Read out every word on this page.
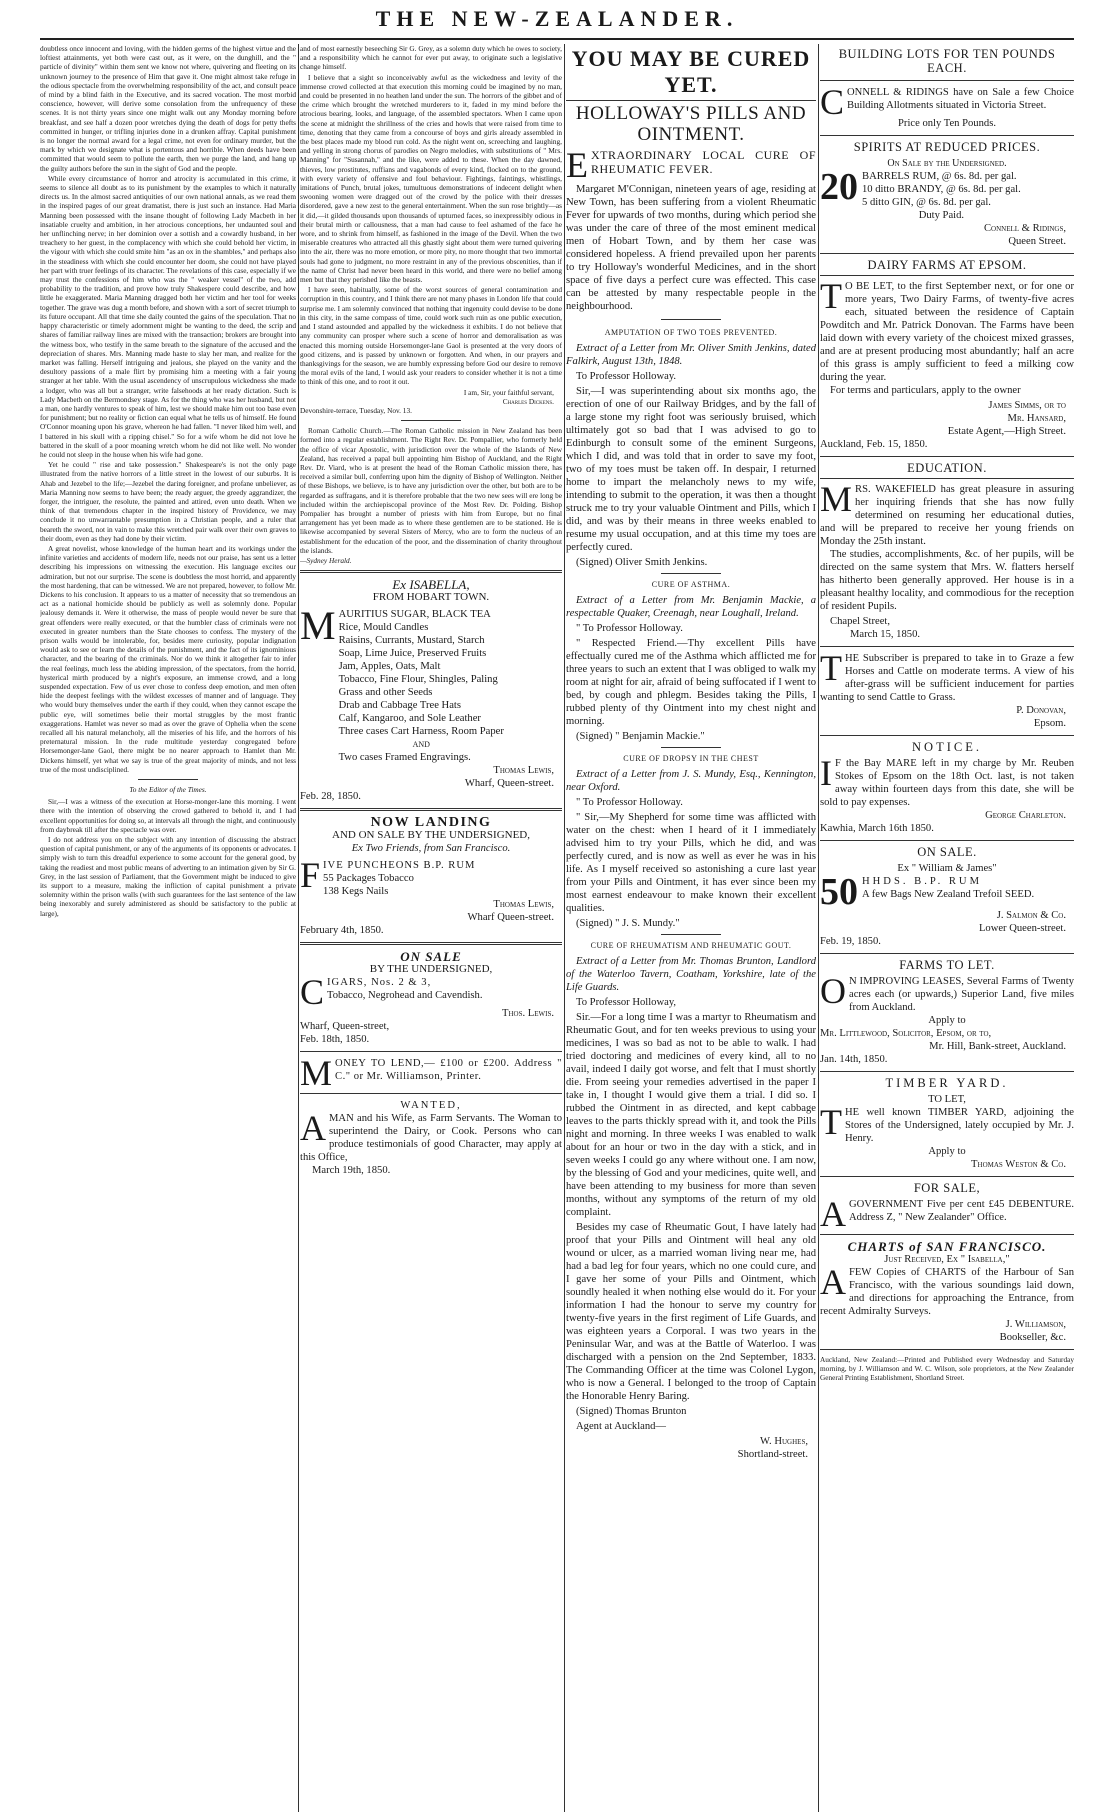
THE NEW-ZEALANDER.

doubtless once innocent and loving, with the hidden germs of the highest virtue and the loftiest attainments, yet both were cast out, as it were, on the dunghill, and the " particle of divinity" within them sent we know not where, quivering and fleeting on its unknown journey to the presence of Him that gave it. One might almost take refuge in the odious spectacle from the overwhelming responsibility of the act, and consult peace of mind by a blind faith in the Executive, and its sacred vocation. The most morbid conscience, however, will derive some consolation from the unfrequency of these scenes. It is not thirty years since one might walk out any Monday morning before breakfast, and see half a dozen poor wretches dying the death of dogs for petty thefts committed in hunger, or trifling injuries done in a drunken affray. Capital punishment is no longer the normal award for a legal crime, not even for ordinary murder, but the mark by which we designate what is portentous and horrible. When deeds have been committed that would seem to pollute the earth, then we purge the land, and hang up the guilty authors before the sun in the sight of God and the people.

While every circumstance of horror and atrocity is accumulated in this crime, it seems to silence all doubt as to its punishment by the examples to which it naturally directs us. In the almost sacred antiquities of our own national annals, as we read them in the inspired pages of our great dramatist, there is just such an instance. Had Maria Manning been possessed with the insane thought of following Lady Macbeth in her insatiable cruelty and ambition, in her atrocious conceptions, her undaunted soul and her unflinching nerve; in her dominion over a sottish and a cowardly husband, in her treachery to her guest, in the complacency with which she could behold her victim, in the vigour with which she could smite him "as an ox in the shambles," and perhaps also in the steadiness with which she could encounter her doom, she could not have played her part with truer feelings of its character. The revelations of this case, especially if we may trust the confessions of him who was the " weaker vessel" of the two, add probability to the tradition, and prove how truly Shakespere could describe, and how little he exaggerated. Maria Manning dragged both her victim and her tool for weeks together. The grave was dug a month before, and shown with a sort of secret triumph to its future occupant. All that time she daily counted the gains of the speculation. That no happy characteristic or timely adornment might be wanting to the deed, the scrip and shares of familiar railway lines are mixed with the transaction; brokers are brought into the witness box, who testify in the same breath to the signature of the accused and the depreciation of shares. Mrs. Manning made haste to slay her man, and realize for the market was falling. Herself intriguing and jealous, she played on the vanity and the desultory passions of a male flirt by promising him a meeting with a fair young stranger at her table. With the usual ascendency of unscrupulous wickedness she made a lodger, who was all but a stranger, write falsehoods at her ready dictation. Such is Lady Macbeth on the Bermondsey stage. As for the thing who was her husband, but not a man, one hardly ventures to speak of him, lest we should make him out too base even for punishment; but no reality or fiction can equal what he tells us of himself. He found O'Connor moaning upon his grave, whereon he had fallen. "I never liked him well, and I battered in his skull with a ripping chisel." So for a wife whom he did not love he battered in the skull of a poor moaning wretch whom he did not like well. No wonder he could not sleep in the house when his wife had gone.

Yet he could " rise and take possession." Shakespeare's is not the only page illustrated from the native horrors of a little street in the lowest of our suburbs. It is Ahab and Jezebel to the life;—Jezebel the daring foreigner, and profane unbeliever, as Maria Manning now seems to have been; the ready arguer, the greedy aggrandizer, the forger, the intriguer, the resolute, the painted and attired, even unto death. When we think of that tremendous chapter in the inspired history of Providence, we may conclude it no unwarrantable presumption in a Christian people, and a ruler that beareth the sword, not in vain to make this wretched pair walk over their own graves to their doom, even as they had done by their victim.

A great novelist, whose knowledge of the human heart and its workings under the infinite varieties and accidents of modern life, needs not our praise, has sent us a letter describing his impressions on witnessing the execution. His language excites our admiration, but not our surprise. The scene is doubtless the most horrid, and apparently the most hardening, that can be witnessed. We are not prepared, however, to follow Mr. Dickens to his conclusion. It appears to us a matter of necessity that so tremendous an act as a national homicide should be publicly as well as solemnly done. Popular jealousy demands it. Were it otherwise, the mass of people would never be sure that great offenders were really executed, or that the humbler class of criminals were not executed in greater numbers than the State chooses to confess. The mystery of the prison walls would be intolerable, for, besides mere curiosity, popular indignation would ask to see or learn the details of the punishment, and the fact of its ignominious character, and the bearing of the criminals. Nor do we think it altogether fair to infer the real feelings, much less the abiding impression, of the spectators, from the horrid, hysterical mirth produced by a night's exposure, an immense crowd, and a long suspended expectation. Few of us ever chose to confess deep emotion, and men often hide the deepest feelings with the wildest excesses of manner and of language. They who would bury themselves under the earth if they could, when they cannot escape the public eye, will sometimes belie their mortal struggles by the most frantic exaggerations. Hamlet was never so mad as over the grave of Ophelia when the scene recalled all his natural melancholy, all the miseries of his life, and the horrors of his preternatural mission. In the rude multitude yesterday congregated before Horsemonger-lane Gaol, there might be no nearer approach to Hamlet than Mr. Dickens himself, yet what we say is true of the great majority of minds, and not less true of the most undisciplined.

To the Editor of the Times.

Sir,—I was a witness of the execution at Horse-monger-lane this morning. I went there with the intention of observing the crowd gathered to behold it, and I had excellent opportunities for doing so, at intervals all through the night, and continuously from daybreak till after the spectacle was over.

I do not address you on the subject with any intention of discussing the abstract question of capital punishment, or any of the arguments of its opponents or advocates. I simply wish to turn this dreadful experience to some account for the general good, by taking the readiest and most public means of adverting to an intimation given by Sir G. Grey, in the last session of Parliament, that the Government might be induced to give its support to a measure, making the infliction of capital punishment a private solemnity within the prison walls (with such guarantees for the last sentence of the law being inexorably and surely administered as should be satisfactory to the public at large),

and of most earnestly beseeching Sir G. Grey, as a solemn duty which he owes to society, and a responsibility which he cannot for ever put away, to originate such a legislative change himself.

I believe that a sight so inconceivably awful as the wickedness and levity of the immense crowd collected at that execution this morning could be imagined by no man, and could be presented in no heathen land under the sun. The horrors of the gibbet and of the crime which brought the wretched murderers to it, faded in my mind before the atrocious bearing, looks, and language, of the assembled spectators. When I came upon the scene at midnight the shrillness of the cries and howls that were raised from time to time, denoting that they came from a concourse of boys and girls already assembled in the best places made my blood run cold. As the night went on, screeching and laughing, and yelling in strong chorus of parodies on Negro melodies, with substitutions of " Mrs. Manning" for "Susannah," and the like, were added to these. When the day dawned, thieves, low prostitutes, ruffians and vagabonds of every kind, flocked on to the ground, with every variety of offensive and foul behaviour. Fightings, faintings, whistlings, imitations of Punch, brutal jokes, tumultuous demonstrations of indecent delight when swooning women were dragged out of the crowd by the police with their dresses disordered, gave a new zest to the general entertainment. When the sun rose brightly—as it did,—it gilded thousands upon thousands of upturned faces, so inexpressibly odious in their brutal mirth or callousness, that a man had cause to feel ashamed of the face he wore, and to shrink from himself, as fashioned in the image of the Devil. When the two miserable creatures who attracted all this ghastly sight about them were turned quivering into the air, there was no more emotion, or more pity, no more thought that two immortal souls had gone to judgment, no more restraint in any of the previous obscenities, than if the name of Christ had never been heard in this world, and there were no belief among men but that they perished like the beasts.

I have seen, habitually, some of the worst sources of general contamination and corruption in this country, and I think there are not many phases in London life that could surprise me. I am solemnly convinced that nothing that ingenuity could devise to be done in this city, in the same compass of time, could work such ruin as one public execution, and I stand astounded and appalled by the wickedness it exhibits. I do not believe that any community can prosper where such a scene of horror and demoralisation as was enacted this morning outside Horsemonger-lane Gaol is presented at the very doors of good citizens, and is passed by unknown or forgotten. And when, in our prayers and thanksgivings for the season, we are humbly expressing before God our desire to remove the moral evils of the land, I would ask your readers to consider whether it is not a time to think of this one, and to root it out.

I am, Sir, your faithful servant,
Charles Dickens.
Devonshire-terrace, Tuesday, Nov. 13.

Roman Catholic Church.—The Roman Catholic mission in New Zealand has been formed into a regular establishment. The Right Rev. Dr. Pompallier, who formerly held the office of vicar Apostolic, with jurisdiction over the whole of the Islands of New Zealand, has received a papal bull appointing him Bishop of Auckland, and the Right Rev. Dr. Viard, who is at present the head of the Roman Catholic mission there, has received a similar bull, conferring upon him the dignity of Bishop of Wellington. Neither of these Bishops, we believe, is to have any jurisdiction over the other, but both are to be regarded as suffragans, and it is therefore probable that the two new sees will ere long be included within the archiepiscopal province of the Most Rev. Dr. Polding. Bishop Pompalier has brought a number of priests with him from Europe, but no final arrangement has yet been made as to where these gentlemen are to be stationed. He is likewise accompanied by several Sisters of Mercy, who are to form the nucleus of an establishment for the education of the poor, and the dissemination of charity throughout the islands.

—Sydney Herald.
Ex ISABELLA,
FROM HOBART TOWN.
M AURITIUS SUGAR, BLACK TEA
Rice, Mould Candles
Raisins, Currants, Mustard, Starch
Soap, Lime Juice, Preserved Fruits
Jam, Apples, Oats, Malt
Tobacco, Fine Flour, Shingles, Paling
Grass and other Seeds
Drab and Cabbage Tree Hats
Calf, Kangaroo, and Sole Leather
Three cases Cart Harness, Room Paper
AND
Two cases Framed Engravings.
Thomas Lewis,
Wharf, Queen-street.
Feb. 28, 1850.
NOW LANDING
AND ON SALE BY THE UNDERSIGNED,
Ex Two Friends, from San Francisco.
F IVE PUNCHEONS B.P. RUM
55 Packages Tobacco
138 Kegs Nails
Thomas Lewis,
Wharf Queen-street.
February 4th, 1850.
ON SALE
BY THE UNDERSIGNED,
C IGARS, Nos. 2 & 3,
Tobacco, Negrohead and Cavendish.
Thos. Lewis.
Wharf, Queen-street,
Feb. 18th, 1850.
M ONEY TO LEND,— £100 or £200. Address " C." or Mr. Williamson, Printer.
WANTED,
A MAN and his Wife, as Farm Servants. The Woman to superintend the Dairy, or Cook. Persons who can produce testimonials of good Character, may apply at this Office,
March 19th, 1850.
YOU MAY BE CURED YET.
HOLLOWAY'S PILLS AND OINTMENT.
E XTRAORDINARY LOCAL CURE OF RHEUMATIC FEVER.

Margaret M'Connigan, nineteen years of age, residing at New Town, has been suffering from a violent Rheumatic Fever for upwards of two months, during which period she was under the care of three of the most eminent medical men of Hobart Town, and by them her case was considered hopeless. A friend prevailed upon her parents to try Holloway's wonderful Medicines, and in the short space of five days a perfect cure was effected. This case can be attested by many respectable people in the neighbourhood.

AMPUTATION OF TWO TOES PREVENTED.

Extract of a Letter from Mr. Oliver Smith Jenkins, dated Falkirk, August 13th, 1848.

To Professor Holloway.

Sir,—I was superintending about six months ago, the erection of one of our Railway Bridges, and by the fall of a large stone my right foot was seriously bruised, which ultimately got so bad that I was advised to go to Edinburgh to consult some of the eminent Surgeons, which I did, and was told that in order to save my foot, two of my toes must be taken off. In despair, I returned home to impart the melancholy news to my wife, intending to submit to the operation, it was then a thought struck me to try your valuable Ointment and Pills, which I did, and was by their means in three weeks enabled to resume my usual occupation, and at this time my toes are perfectly cured.

(Signed) Oliver Smith Jenkins.

CURE OF ASTHMA.

Extract of a Letter from Mr. Benjamin Mackie, a respectable Quaker, Creenagh, near Loughall, Ireland.

" To Professor Holloway.

" Respected Friend.—Thy excellent Pills have effectually cured me of the Asthma which afflicted me for three years to such an extent that I was obliged to walk my room at night for air, afraid of being suffocated if I went to bed, by cough and phlegm. Besides taking the Pills, I rubbed plenty of thy Ointment into my chest night and morning.

(Signed) " Benjamin Mackie."

CURE OF DROPSY IN THE CHEST

Extract of a Letter from J. S. Mundy, Esq., Kennington, near Oxford.

" To Professor Holloway.

" Sir,—My Shepherd for some time was afflicted with water on the chest: when I heard of it I immediately advised him to try your Pills, which he did, and was perfectly cured, and is now as well as ever he was in his life. As I myself received so astonishing a cure last year from your Pills and Ointment, it has ever since been my most earnest endeavour to make known their excellent qualities.

(Signed) " J. S. Mundy."

CURE OF RHEUMATISM AND RHEUMATIC GOUT.

Extract of a Letter from Mr. Thomas Brunton, Landlord of the Waterloo Tavern, Coatham, Yorkshire, late of the Life Guards.

To Professor Holloway,

Sir.—For a long time I was a martyr to Rheumatism and Rheumatic Gout, and for ten weeks previous to using your medicines, I was so bad as not to be able to walk. I had tried doctoring and medicines of every kind, all to no avail, indeed I daily got worse, and felt that I must shortly die. From seeing your remedies advertised in the paper I take in, I thought I would give them a trial. I did so. I rubbed the Ointment in as directed, and kept cabbage leaves to the parts thickly spread with it, and took the Pills night and morning. In three weeks I was enabled to walk about for an hour or two in the day with a stick, and in seven weeks I could go any where without one. I am now, by the blessing of God and your medicines, quite well, and have been attending to my business for more than seven months, without any symptoms of the return of my old complaint.

Besides my case of Rheumatic Gout, I have lately had proof that your Pills and Ointment will heal any old wound or ulcer, as a married woman living near me, had had a bad leg for four years, which no one could cure, and I gave her some of your Pills and Ointment, which soundly healed it when nothing else would do it. For your information I had the honour to serve my country for twenty-five years in the first regiment of Life Guards, and was eighteen years a Corporal. I was two years in the Peninsular War, and was at the Battle of Waterloo. I was discharged with a pension on the 2nd September, 1833. The Commanding Officer at the time was Colonel Lygon, who is now a General. I belonged to the troop of Captain the Honorable Henry Baring.

(Signed) Thomas Brunton

Agent at Auckland—

W. Hughes,
Shortland-street.
BUILDING LOTS FOR TEN POUNDS EACH.
C ONNELL & RIDINGS have on Sale a few Choice Building Allotments situated in Victoria Street.
Price only Ten Pounds.
SPIRITS AT REDUCED PRICES.
On Sale by the Undersigned.
20 BARRELS RUM, @ 6s. 8d. per gal.
10 ditto BRANDY, @ 6s. 8d. per gal.
5 ditto GIN, @ 6s. 8d. per gal.
Duty Paid.
Connell & Ridings,
Queen Street.
DAIRY FARMS AT EPSOM.
T O BE LET, to the first September next, or for one or more years, Two Dairy Farms, of twenty-five acres each, situated between the residence of Captain Powditch and Mr. Patrick Donovan. The Farms have been laid down with every variety of the choicest mixed grasses, and are at present producing most abundantly; half an acre of this grass is amply sufficient to feed a milking cow during the year.

For terms and particulars, apply to the owner

James Simms, or to
Mr. Hansard,
Estate Agent,—High Street.
Auckland, Feb. 15, 1850.
EDUCATION.
M RS. WAKEFIELD has great pleasure in assuring her inquiring friends that she has now fully determined on resuming her educational duties, and will be prepared to receive her young friends on Monday the 25th instant.

The studies, accomplishments, &c. of her pupils, will be directed on the same system that Mrs. W. flatters herself has hitherto been generally approved. Her house is in a pleasant healthy locality, and commodious for the reception of resident Pupils.

Chapel Street,
March 15, 1850.
T HE Subscriber is prepared to take in to Graze a few Horses and Cattle on moderate terms. A view of his after-grass will be sufficient inducement for parties wanting to send Cattle to Grass.
P. Donovan,
Epsom.
NOTICE.
I F the Bay MARE left in my charge by Mr. Reuben Stokes of Epsom on the 18th Oct. last, is not taken away within fourteen days from this date, she will be sold to pay expenses.
George Charleton.
Kawhia, March 16th 1850.
ON SALE.
Ex " William & James"
50 HHDS. B.P. RUM
A few Bags New Zealand Trefoil SEED.
J. Salmon & Co.
Lower Queen-street.
Feb. 19, 1850.
FARMS TO LET.
O N IMPROVING LEASES, Several Farms of Twenty acres each (or upwards,) Superior Land, five miles from Auckland.
Apply to
Mr. Littlewood, Solicitor, Epsom, or to,
Mr. Hill, Bank-street, Auckland.
Jan. 14th, 1850.
TIMBER YARD.
TO LET,
T HE well known TIMBER YARD, adjoining the Stores of the Undersigned, lately occupied by Mr. J. Henry.
Apply to
Thomas Weston & Co.
FOR SALE,
A GOVERNMENT Five per cent £45 DEBENTURE. Address Z, " New Zealander" Office.
CHARTS of SAN FRANCISCO.
Just Received, Ex " Isabella,"
A FEW Copies of CHARTS of the Harbour of San Francisco, with the various soundings laid down, and directions for approaching the Entrance, from recent Admiralty Surveys.
J. Williamson,
Bookseller, &c.
Auckland, New Zealand:—Printed and Published every Wednesday and Saturday morning, by J. Williamson and W. C. Wilson, sole proprietors, at the New Zealander General Printing Establishment, Shortland Street.
